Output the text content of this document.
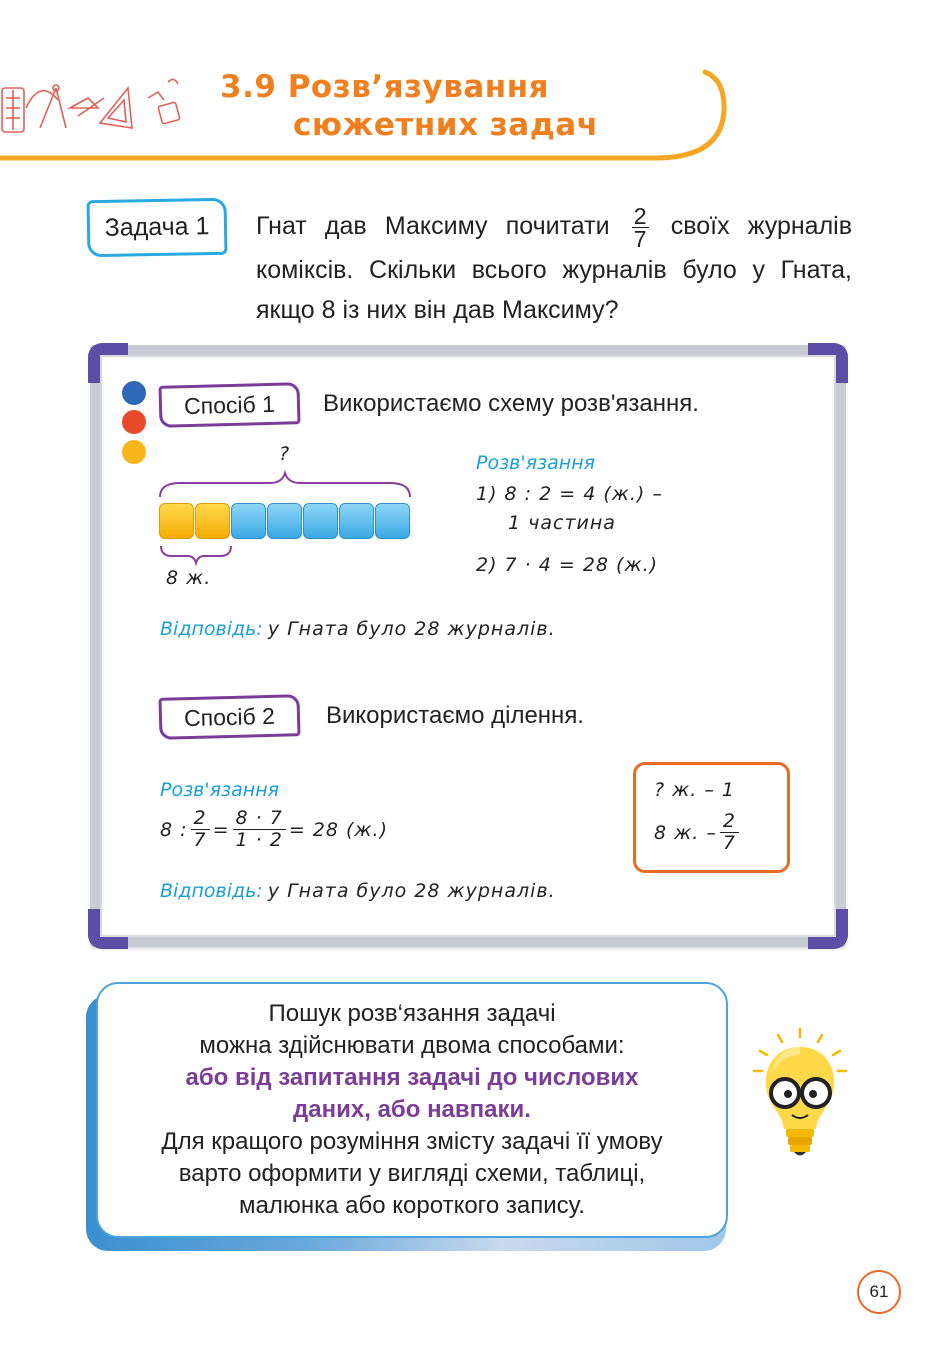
3.9 Розв’язування
сюжетних задач
Задача 1	Гнат дав Максиму почитати $\frac{2}{7}$ своїх журналів коміксів. Скільки всього журналів було у Гната, якщо 8 із них він дав Максиму?

Спосіб 1	Використаємо схему розв'язання.
?
8 ж.
Розв'язання
1) 8 : 2 = 4 (ж.) –
1 частина
2) 7 · 4 = 28 (ж.)
Відповідь: у Гната було 28 журналів.
Спосіб 2	Використаємо ділення.
Розв'язання
8 : $\frac{2}{7} = \frac{8 \cdot 7}{1 \cdot 2} = 28$ (ж.)
Відповідь: у Гната було 28 журналів.
? ж. – 1
8 ж. – $\frac{2}{7}$
Пошук розв‘язання задачі
можна здійснювати двома способами:
або від запитання задачі до числових
даних, або навпаки.
Для кращого розуміння змісту задачі її умову
варто оформити у вигляді схеми, таблиці,
малюнка або короткого запису.
61
